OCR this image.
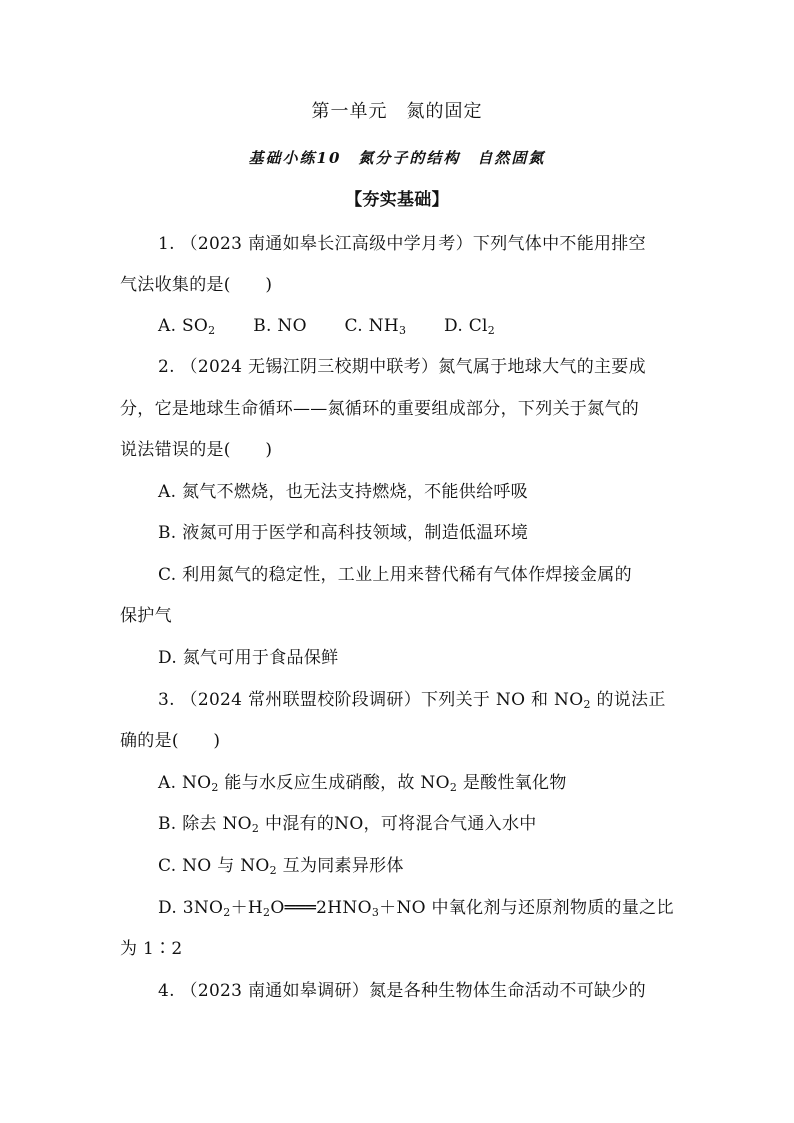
第一单元　氮的固定
基础小练10　氮分子的结构　自然固氮
【夯实基础】
1. （2023 南通如皋长江高级中学月考）下列气体中不能用排空
气法收集的是(　　)
A. $SO_2$ B. NO C. $NH_3$ D. $Cl_2$
2. （2024 无锡江阴三校期中联考）氮气属于地球大气的主要成
分，它是地球生命循环——氮循环的重要组成部分，下列关于氮气的
说法错误的是(　　)
A. 氮气不燃烧，也无法支持燃烧，不能供给呼吸
B. 液氮可用于医学和高科技领域，制造低温环境
C. 利用氮气的稳定性，工业上用来替代稀有气体作焊接金属的
保护气
D. 氮气可用于食品保鲜
3. （2024 常州联盟校阶段调研）下列关于 NO 和 $NO_2$ 的说法正
确的是(　　)
A. $NO_2$ 能与水反应生成硝酸，故 $NO_2$ 是酸性氧化物
B. 除去 $NO_2$ 中混有的NO，可将混合气通入水中
C. NO 与 $NO_2$ 互为同素异形体
D. $3NO_2+H_2O═══2HNO_3+NO$ 中氧化剂与还原剂物质的量之比
为 1∶2
4. （2023 南通如皋调研）氮是各种生物体生命活动不可缺少的
